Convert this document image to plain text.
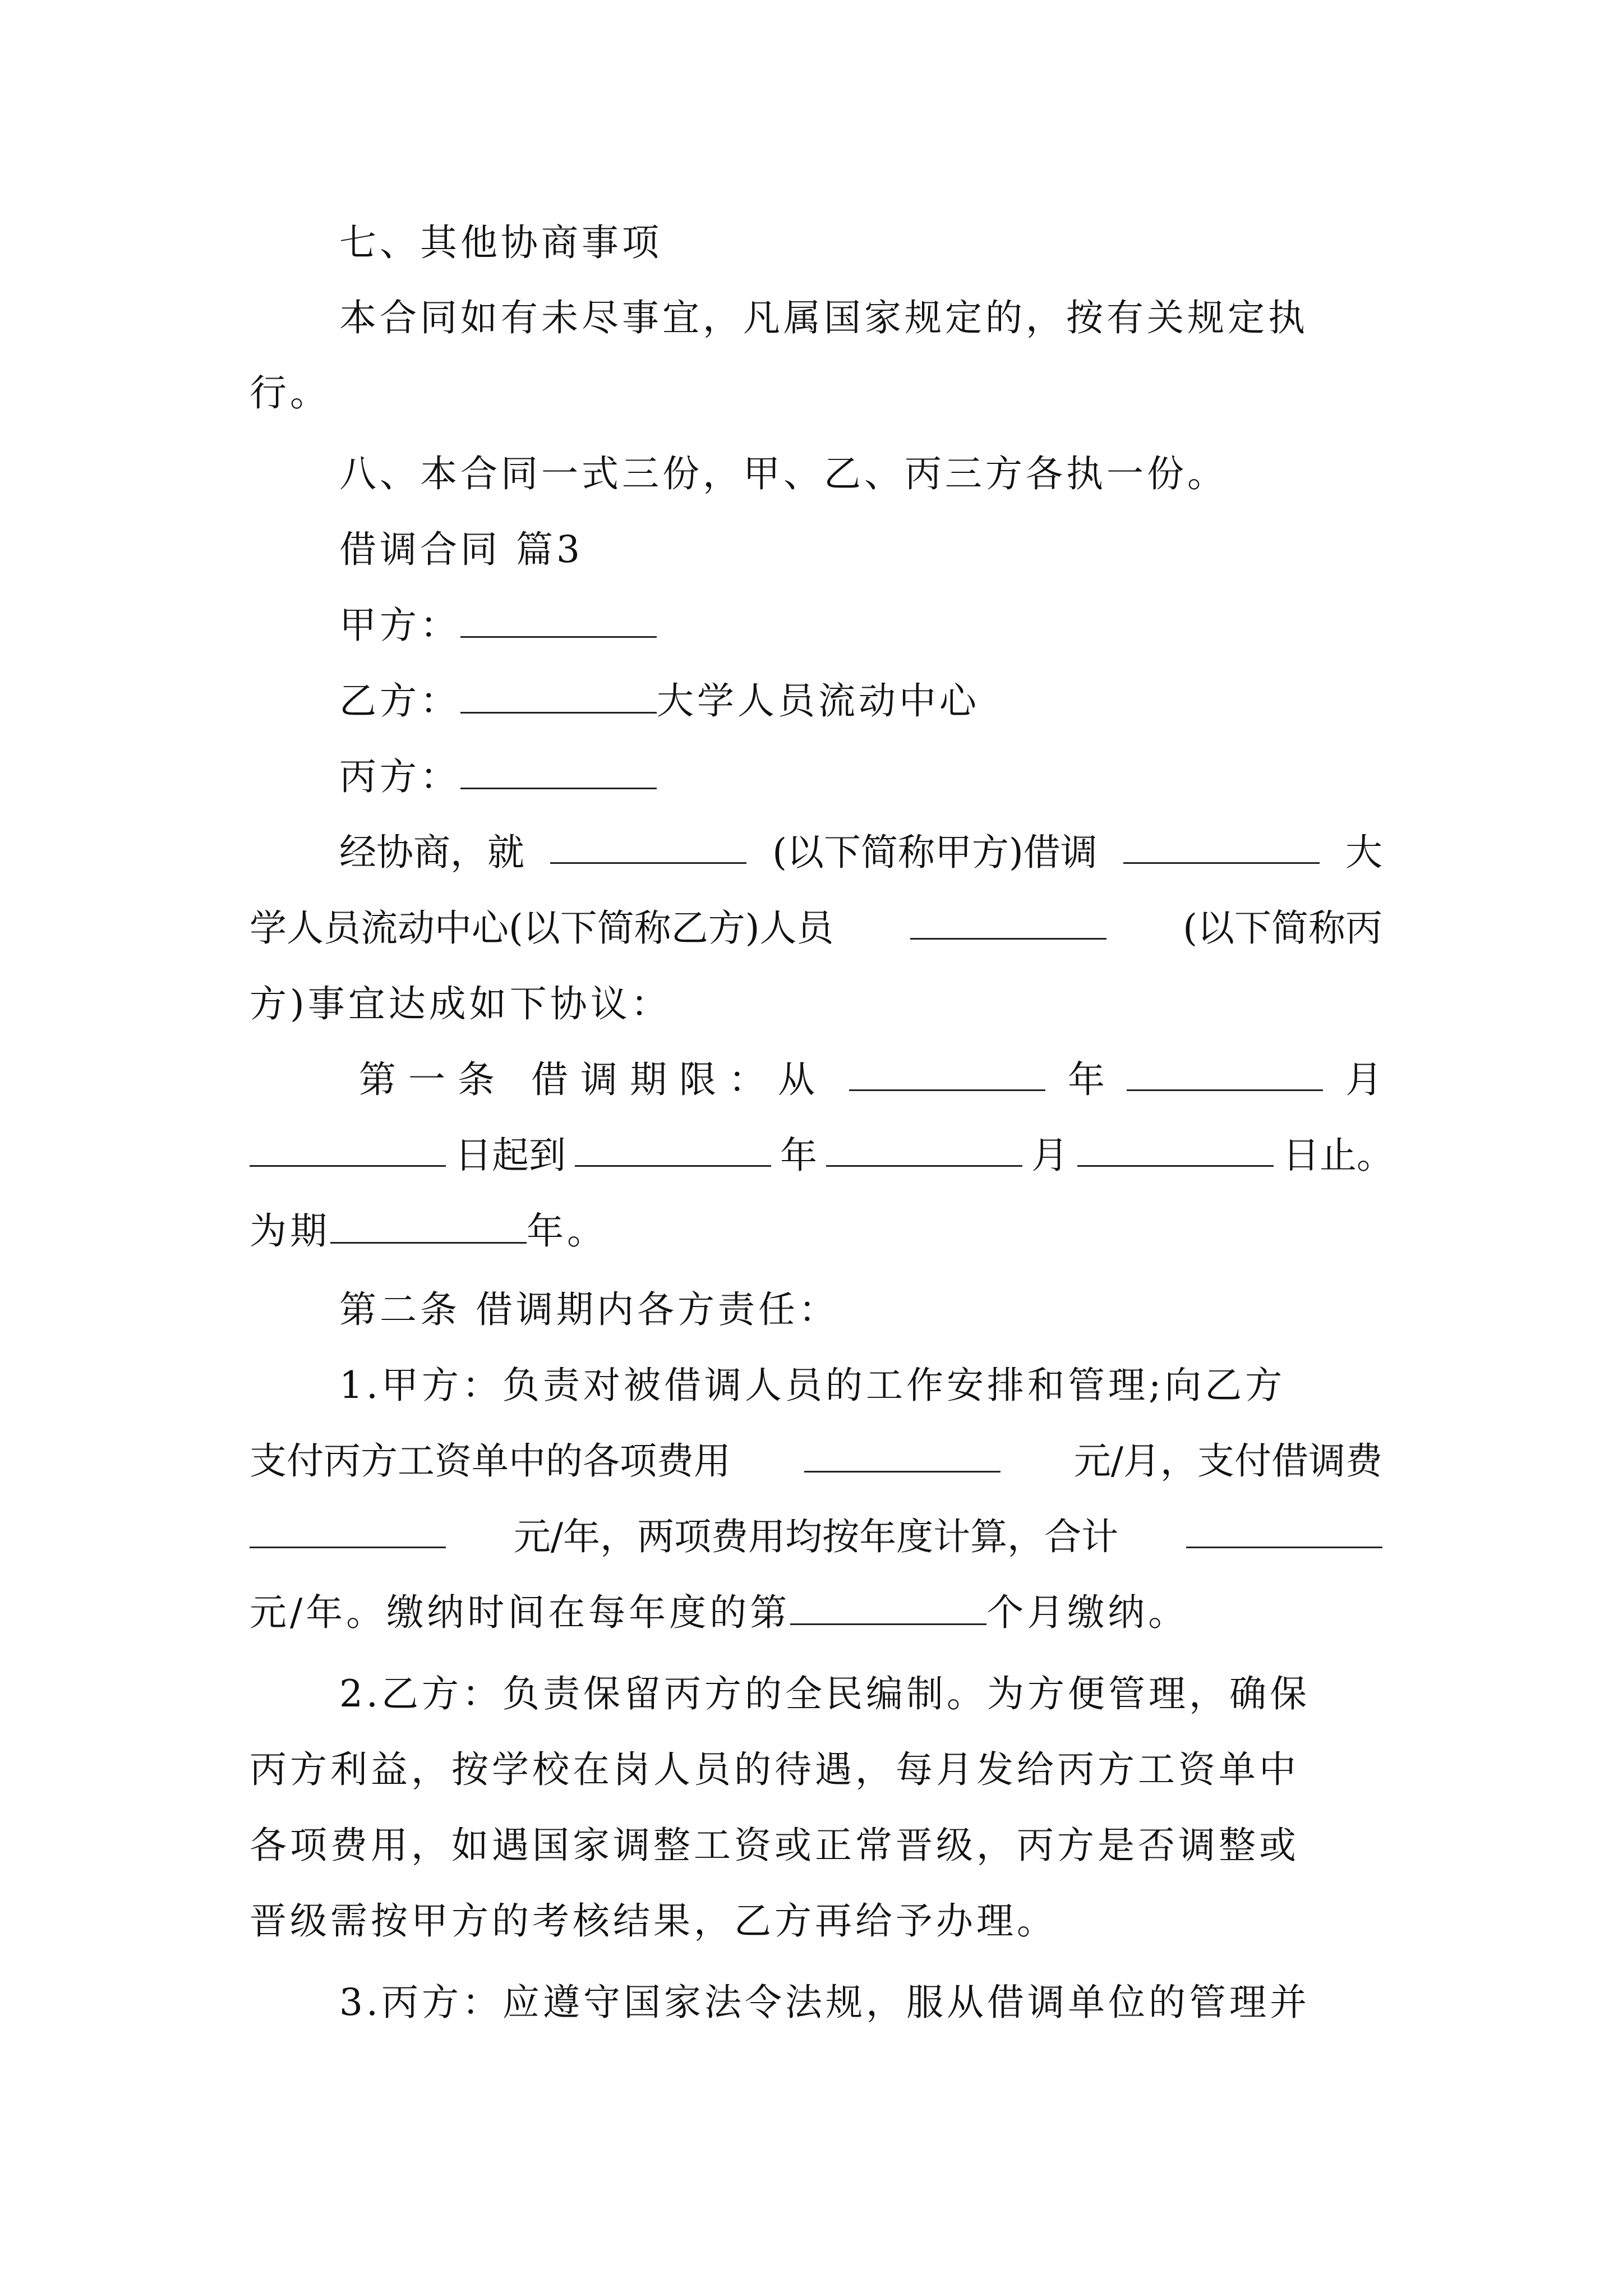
七、其他协商事项
本合同如有未尽事宜，凡属国家规定的，按有关规定执
行。
八、本合同一式三份，甲、乙、丙三方各执一份。
借调合同 篇3
甲方：
乙方：	大学人员流动中心
丙方：
经协商，就	(以下简称甲方)借调	大
学人员流动中心(以下简称乙方)人员	(以下简称丙
方)事宜达成如下协议：
第一条 借调期限：从	年	月
日起到	年	月	日止。
为期	年。
第二条 借调期内各方责任：
1.甲方：负责对被借调人员的工作安排和管理;向乙方
支付丙方工资单中的各项费用	元/月，支付借调费
元/年，两项费用均按年度计算，合计
元/年。缴纳时间在每年度的第	个月缴纳。
2.乙方：负责保留丙方的全民编制。为方便管理，确保
丙方利益，按学校在岗人员的待遇，每月发给丙方工资单中
各项费用，如遇国家调整工资或正常晋级，丙方是否调整或
晋级需按甲方的考核结果，乙方再给予办理。
3.丙方：应遵守国家法令法规，服从借调单位的管理并
